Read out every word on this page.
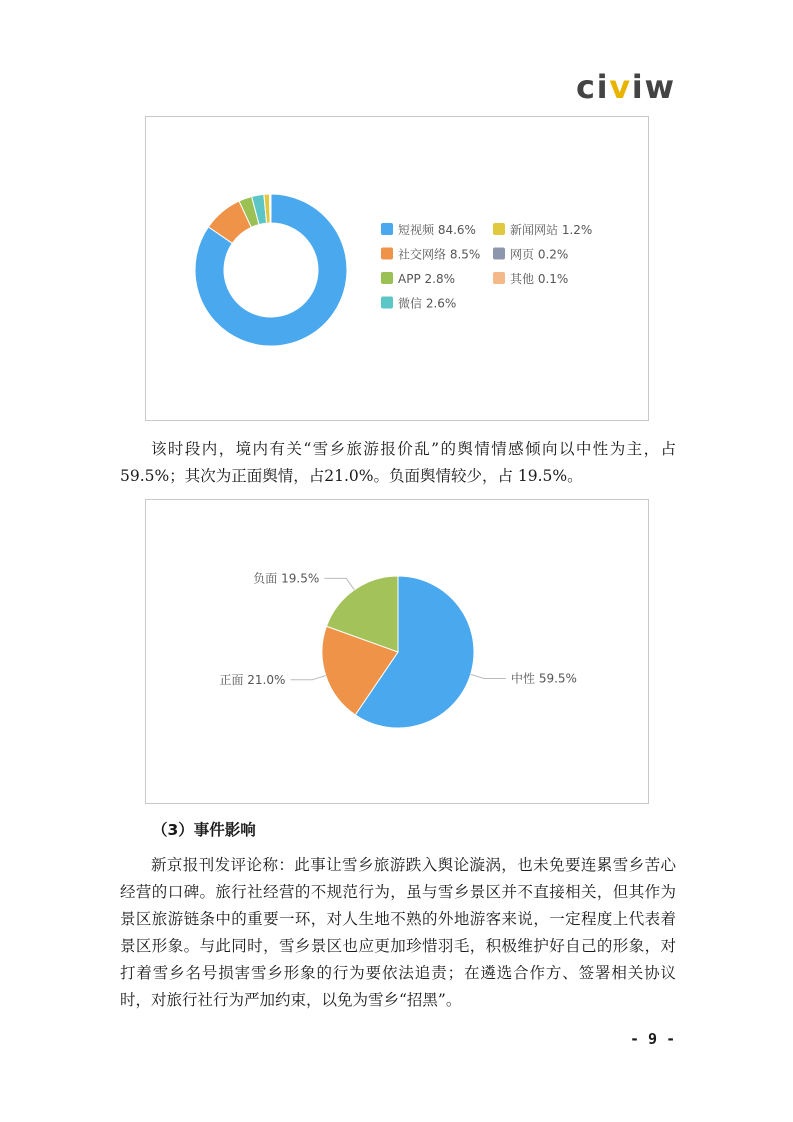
civiw
短视频 84.6%
社交网络 8.5%
APP 2.8%
微信 2.6%
新闻网站 1.2%
网页 0.2%
其他 0.1%

该时段内，境内有关“雪乡旅游报价乱”的舆情情感倾向以中性为主，占59.5%；其次为正面舆情，占21.0%。负面舆情较少，占 19.5%。

中性 59.5%
正面 21.0%
负面 19.5%

（3）事件影响

新京报刊发评论称：此事让雪乡旅游跌入舆论漩涡，也未免要连累雪乡苦心经营的口碑。旅行社经营的不规范行为，虽与雪乡景区并不直接相关，但其作为景区旅游链条中的重要一环，对人生地不熟的外地游客来说，一定程度上代表着景区形象。与此同时，雪乡景区也应更加珍惜羽毛，积极维护好自己的形象，对打着雪乡名号损害雪乡形象的行为要依法追责；在遴选合作方、签署相关协议时，对旅行社行为严加约束，以免为雪乡“招黑”。

- 9 -
